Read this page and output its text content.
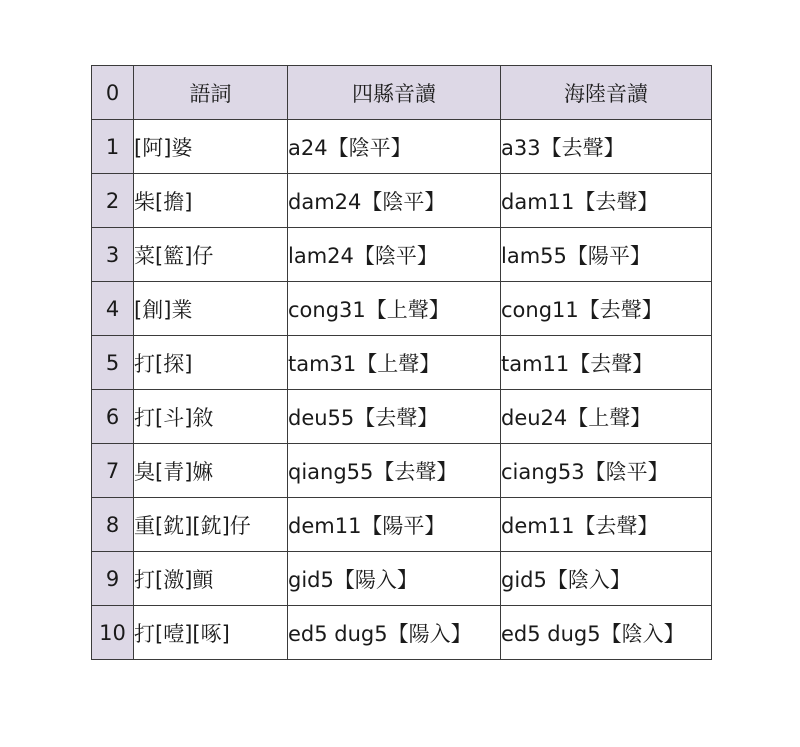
0	語詞	四縣音讀	海陸音讀
1	[阿]婆	a24【陰平】	a33【去聲】
2	柴[擔]	dam24【陰平】	dam11【去聲】
3	菜[籃]仔	lam24【陰平】	lam55【陽平】
4	[創]業	cong31【上聲】	cong11【去聲】
5	打[探]	tam31【上聲】	tam11【去聲】
6	打[斗]敘	deu55【去聲】	deu24【上聲】
7	臭[青]嫲	qiang55【去聲】	ciang53【陰平】
8	重[鈂][鈂]仔	dem11【陽平】	dem11【去聲】
9	打[激]顫	gid5【陽入】	gid5【陰入】
10	打[噎][啄]	ed5 dug5【陽入】	ed5 dug5【陰入】
